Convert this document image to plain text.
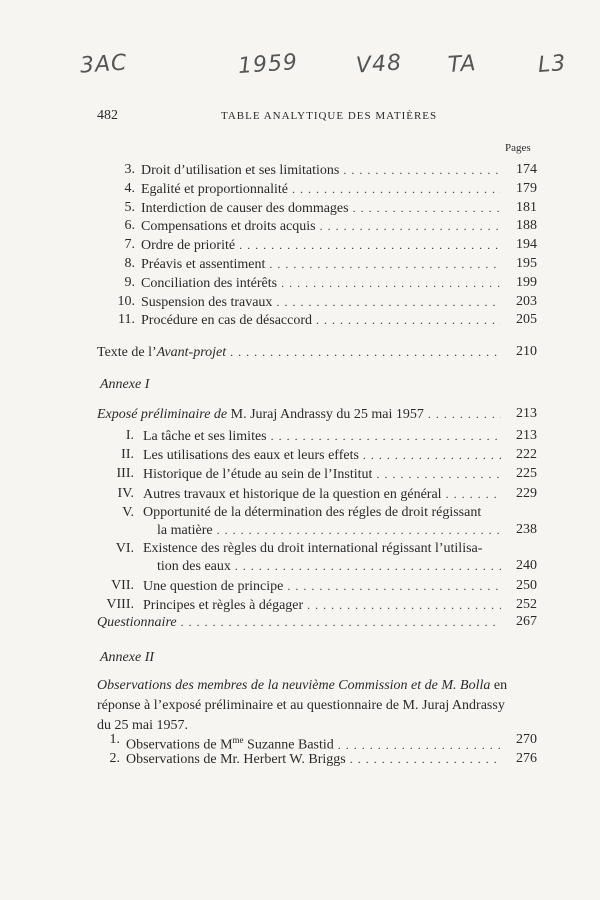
3AC	1959	V48 TA	L3
482	TABLE ANALYTIQUE DES MATIÈRES
Pages
3. Droit d’utilisation et ses limitations . . .	174
4. Egalité et proportionnalité . . .	179
5. Interdiction de causer des dommages . . .	181
6. Compensations et droits acquis . . .	188
7. Ordre de priorité . . .	194
8. Préavis et assentiment . . .	195
9. Conciliation des intérêts . . .	199
10. Suspension des travaux . . .	203
11. Procédure en cas de désaccord . . .	205
Texte de l’Avant-projet . . .	210
Annexe I
Exposé préliminaire de M. Juraj Andrassy du 25 mai 1957 . . .	213
I. La tâche et ses limites . . .	213
II. Les utilisations des eaux et leurs effets . . .	222
III. Historique de l’étude au sein de l’Institut . . .	225
IV. Autres travaux et historique de la question en général . . .	229
V. Opportunité de la détermination des régles de droit régissant
la matière . . .	238
VI. Existence des règles du droit international régissant l’utilisa-
tion des eaux . . .	240
VII. Une question de principe . . .	250
VIII. Principes et règles à dégager . . .	252
Questionnaire . . .	267
Annexe II
Observations des membres de la neuvième Commission et de M. Bolla en réponse à l’exposé préliminaire et au questionnaire de M. Juraj Andrassy du 25 mai 1957.
1. Observations de $M^{me}$ Suzanne Bastid . . .	270
2. Observations de Mr. Herbert W. Briggs . . .	276
